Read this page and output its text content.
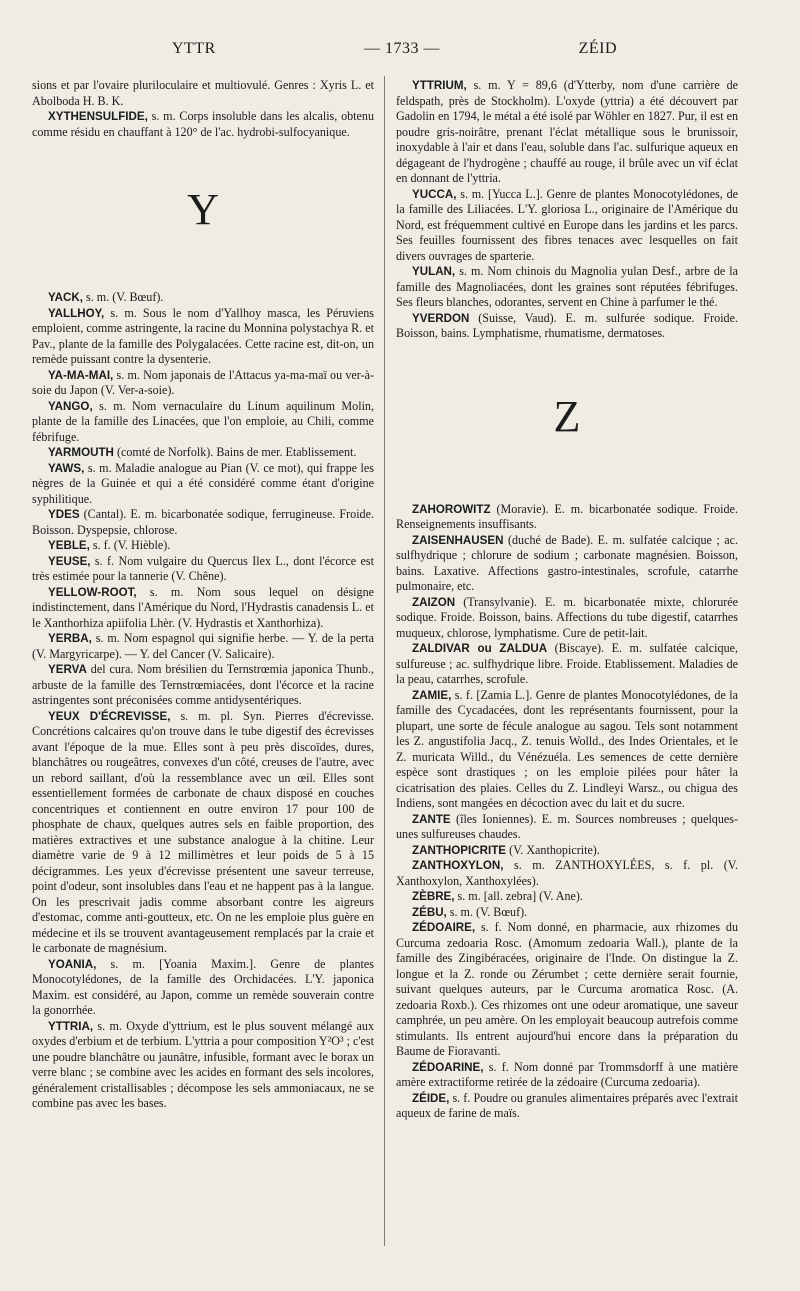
YTTR	— 1733 —	ZÉID

sions et par l'ovaire pluriloculaire et multiovulé. Genres : Xyris L. et Abolboda H. B. K.

XYTHENSULFIDE, s. m. Corps insoluble dans les alcalis, obtenu comme résidu en chauffant à 120° de l'ac. hydrobi-sulfocyanique.

Y

YACK, s. m. (V. Bœuf).

YALLHOY, s. m. Sous le nom d'Yallhoy masca, les Péruviens emploient, comme astringente, la racine du Monnina polystachya R. et Pav., plante de la famille des Polygalacées. Cette racine est, dit-on, un remède puissant contre la dysenterie.

YA-MA-MAI, s. m. Nom japonais de l'Attacus ya-ma-maï ou ver-à-soie du Japon (V. Ver-a-soie).

YANGO, s. m. Nom vernaculaire du Linum aquilinum Molin, plante de la famille des Linacées, que l'on emploie, au Chili, comme fébrifuge.

YARMOUTH (comté de Norfolk). Bains de mer. Etablissement.

YAWS, s. m. Maladie analogue au Pian (V. ce mot), qui frappe les nègres de la Guinée et qui a été considéré comme étant d'origine syphilitique.

YDES (Cantal). E. m. bicarbonatée sodique, ferrugineuse. Froide. Boisson. Dyspepsie, chlorose.

YEBLE, s. f. (V. Hièble).

YEUSE, s. f. Nom vulgaire du Quercus Ilex L., dont l'écorce est très estimée pour la tannerie (V. Chêne).

YELLOW-ROOT, s. m. Nom sous lequel on désigne indistinctement, dans l'Amérique du Nord, l'Hydrastis canadensis L. et le Xanthorhiza apiifolia Lhèr. (V. Hydrastis et Xanthorhiza).

YERBA, s. m. Nom espagnol qui signifie herbe. — Y. de la perta (V. Margyricarpe). — Y. del Cancer (V. Salicaire).

YERVA del cura. Nom brésilien du Ternstrœmia japonica Thunb., arbuste de la famille des Ternstrœmiacées, dont l'écorce et la racine astringentes sont préconisées comme antidysentériques.

YEUX D'ÉCREVISSE, s. m. pl. Syn. Pierres d'écrevisse. Concrétions calcaires qu'on trouve dans le tube digestif des écrevisses avant l'époque de la mue. Elles sont à peu près discoïdes, dures, blanchâtres ou rougeâtres, convexes d'un côté, creuses de l'autre, avec un rebord saillant, d'où la ressemblance avec un œil. Elles sont essentiellement formées de carbonate de chaux disposé en couches concentriques et contiennent en outre environ 17 pour 100 de phosphate de chaux, quelques autres sels en faible proportion, des matières extractives et une substance analogue à la chitine. Leur diamètre varie de 9 à 12 millimètres et leur poids de 5 à 15 décigrammes. Les yeux d'écrevisse présentent une saveur terreuse, point d'odeur, sont insolubles dans l'eau et ne happent pas à la langue. On les prescrivait jadis comme absorbant contre les aigreurs d'estomac, comme anti-goutteux, etc. On ne les emploie plus guère en médecine et ils se trouvent avantageusement remplacés par la craie et le carbonate de magnésium.

YOANIA, s. m. [Yoania Maxim.]. Genre de plantes Monocotylédones, de la famille des Orchidacées. L'Y. japonica Maxim. est considéré, au Japon, comme un remède souverain contre la gonorrhée.

YTTRIA, s. m. Oxyde d'yttrium, est le plus souvent mélangé aux oxydes d'erbium et de terbium. L'yttria a pour composition Y²O³ ; c'est une poudre blanchâtre ou jaunâtre, infusible, formant avec le borax un verre blanc ; se combine avec les acides en formant des sels incolores, généralement cristallisables ; décompose les sels ammoniacaux, ne se combine pas avec les bases.

YTTRIUM, s. m. Y = 89,6 (d'Ytterby, nom d'une carrière de feldspath, près de Stockholm). L'oxyde (yttria) a été découvert par Gadolin en 1794, le métal a été isolé par Wöhler en 1827. Pur, il est en poudre gris-noirâtre, prenant l'éclat métallique sous le brunissoir, inoxydable à l'air et dans l'eau, soluble dans l'ac. sulfurique aqueux en dégageant de l'hydrogène ; chauffé au rouge, il brûle avec un vif éclat en donnant de l'yttria.

YUCCA, s. m. [Yucca L.]. Genre de plantes Monocotylédones, de la famille des Liliacées. L'Y. gloriosa L., originaire de l'Amérique du Nord, est fréquemment cultivé en Europe dans les jardins et les parcs. Ses feuilles fournissent des fibres tenaces avec lesquelles on fait divers ouvrages de sparterie.

YULAN, s. m. Nom chinois du Magnolia yulan Desf., arbre de la famille des Magnoliacées, dont les graines sont réputées fébrifuges. Ses fleurs blanches, odorantes, servent en Chine à parfumer le thé.

YVERDON (Suisse, Vaud). E. m. sulfurée sodique. Froide. Boisson, bains. Lymphatisme, rhumatisme, dermatoses.

Z

ZAHOROWITZ (Moravie). E. m. bicarbonatée sodique. Froide. Renseignements insuffisants.

ZAISENHAUSEN (duché de Bade). E. m. sulfatée calcique ; ac. sulfhydrique ; chlorure de sodium ; carbonate magnésien. Boisson, bains. Laxative. Affections gastro-intestinales, scrofule, catarrhe pulmonaire, etc.

ZAIZON (Transylvanie). E. m. bicarbonatée mixte, chlorurée sodique. Froide. Boisson, bains. Affections du tube digestif, catarrhes muqueux, chlorose, lymphatisme. Cure de petit-lait.

ZALDIVAR ou ZALDUA (Biscaye). E. m. sulfatée calcique, sulfureuse ; ac. sulfhydrique libre. Froide. Etablissement. Maladies de la peau, catarrhes, scrofule.

ZAMIE, s. f. [Zamia L.]. Genre de plantes Monocotylédones, de la famille des Cycadacées, dont les représentants fournissent, pour la plupart, une sorte de fécule analogue au sagou. Tels sont notamment les Z. angustifolia Jacq., Z. tenuis Wolld., des Indes Orientales, et le Z. muricata Willd., du Vénézuéla. Les semences de cette dernière espèce sont drastiques ; on les emploie pilées pour hâter la cicatrisation des plaies. Celles du Z. Lindleyi Warsz., ou chigua des Indiens, sont mangées en décoction avec du lait et du sucre.

ZANTE (îles Ioniennes). E. m. Sources nombreuses ; quelques-unes sulfureuses chaudes.

ZANTHOPICRITE (V. Xanthopicrite).

ZANTHOXYLON, s. m. ZANTHOXYLÉES, s. f. pl. (V. Xanthoxylon, Xanthoxylées).

ZÈBRE, s. m. [all. zebra] (V. Ane).

ZÉBU, s. m. (V. Bœuf).

ZÉDOAIRE, s. f. Nom donné, en pharmacie, aux rhizomes du Curcuma zedoaria Rosc. (Amomum zedoaria Wall.), plante de la famille des Zingibéracées, originaire de l'Inde. On distingue la Z. longue et la Z. ronde ou Zérumbet ; cette dernière serait fournie, suivant quelques auteurs, par le Curcuma aromatica Rosc. (A. zedoaria Roxb.). Ces rhizomes ont une odeur aromatique, une saveur camphrée, un peu amère. On les employait beaucoup autrefois comme stimulants. Ils entrent aujourd'hui encore dans la préparation du Baume de Fioravanti.

ZÉDOARINE, s. f. Nom donné par Trommsdorff à une matière amère extractiforme retirée de la zédoaire (Curcuma zedoaria).

ZÉIDE, s. f. Poudre ou granules alimentaires préparés avec l'extrait aqueux de farine de maïs.
